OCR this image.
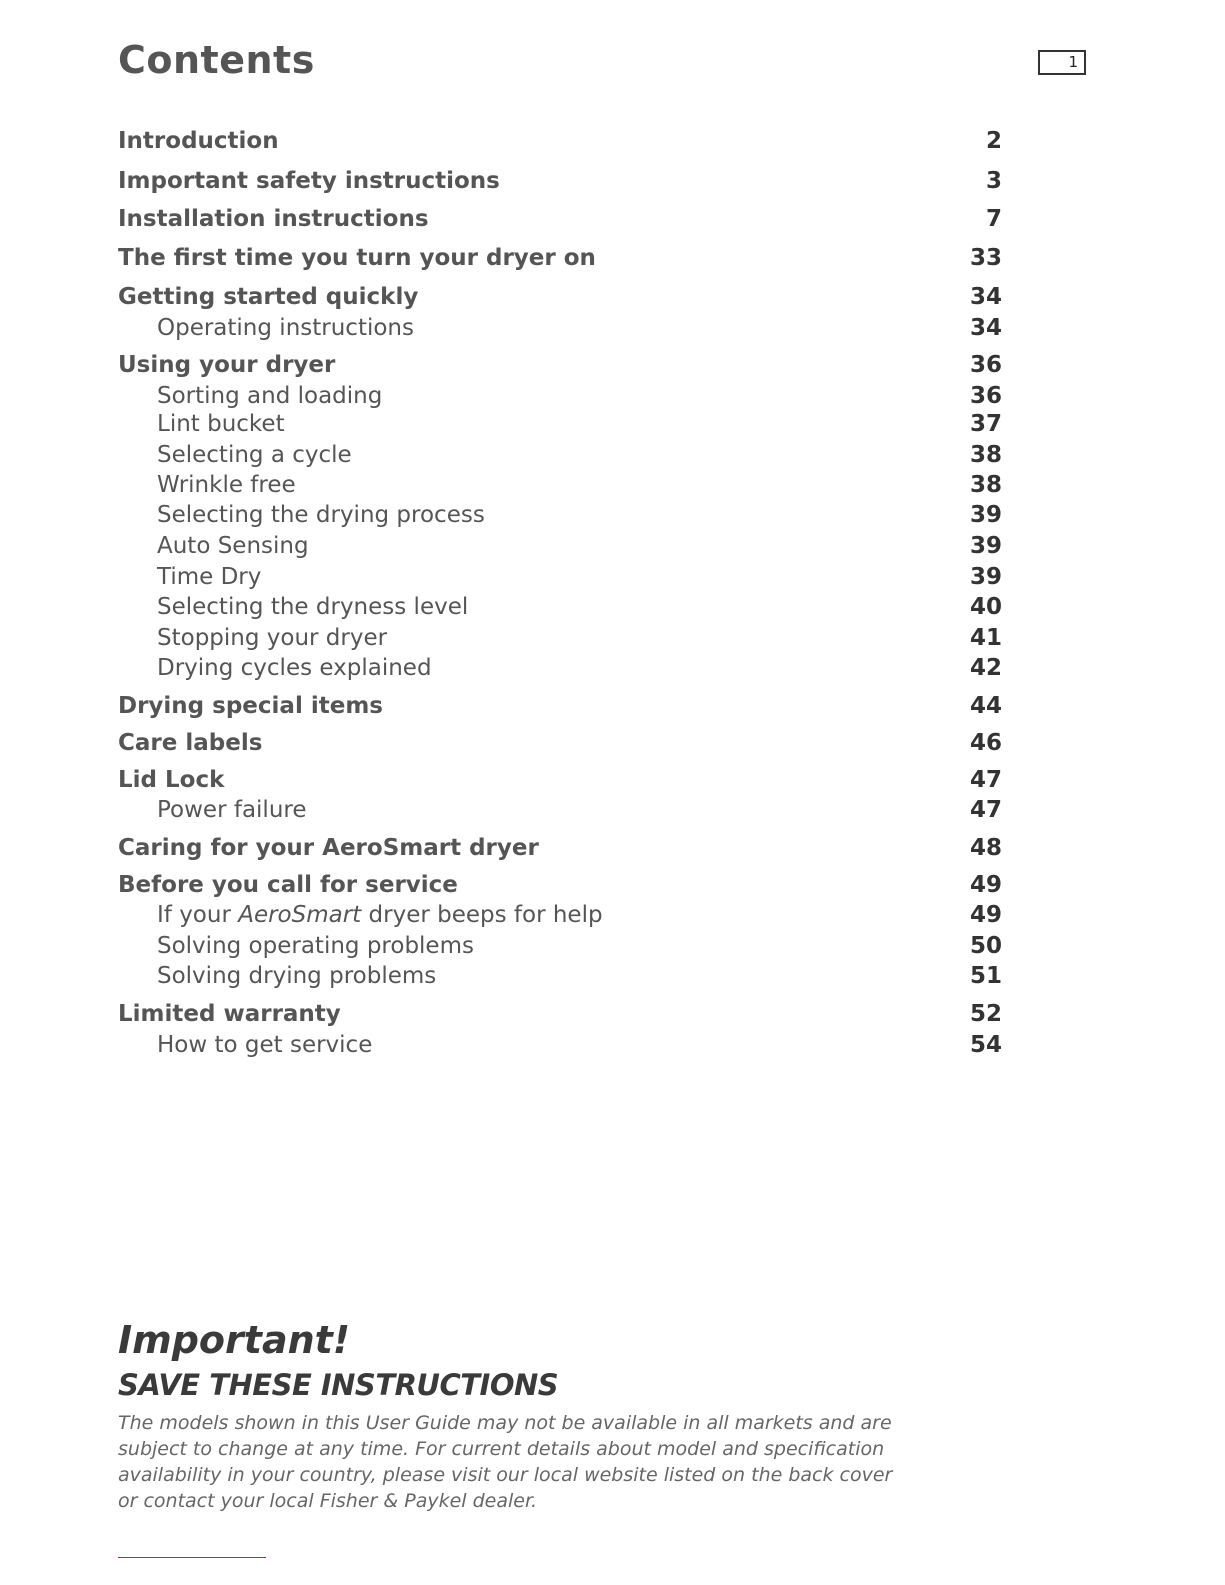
Contents	1
Introduction	2
Important safety instructions	3
Installation instructions	7
The first time you turn your dryer on	33
Getting started quickly	34
Operating instructions	34
Using your dryer	36
Sorting and loading	36
Lint bucket	37
Selecting a cycle	38
Wrinkle free	38
Selecting the drying process	39
Auto Sensing	39
Time Dry	39
Selecting the dryness level	40
Stopping your dryer	41
Drying cycles explained	42
Drying special items	44
Care labels	46
Lid Lock	47
Power failure	47
Caring for your AeroSmart dryer	48
Before you call for service	49
If your AeroSmart dryer beeps for help	49
Solving operating problems	50
Solving drying problems	51
Limited warranty	52
How to get service	54
Important!
SAVE THESE INSTRUCTIONS
The models shown in this User Guide may not be available in all markets and are
subject to change at any time. For current details about model and specification
availability in your country, please visit our local website listed on the back cover
or contact your local Fisher & Paykel dealer.
